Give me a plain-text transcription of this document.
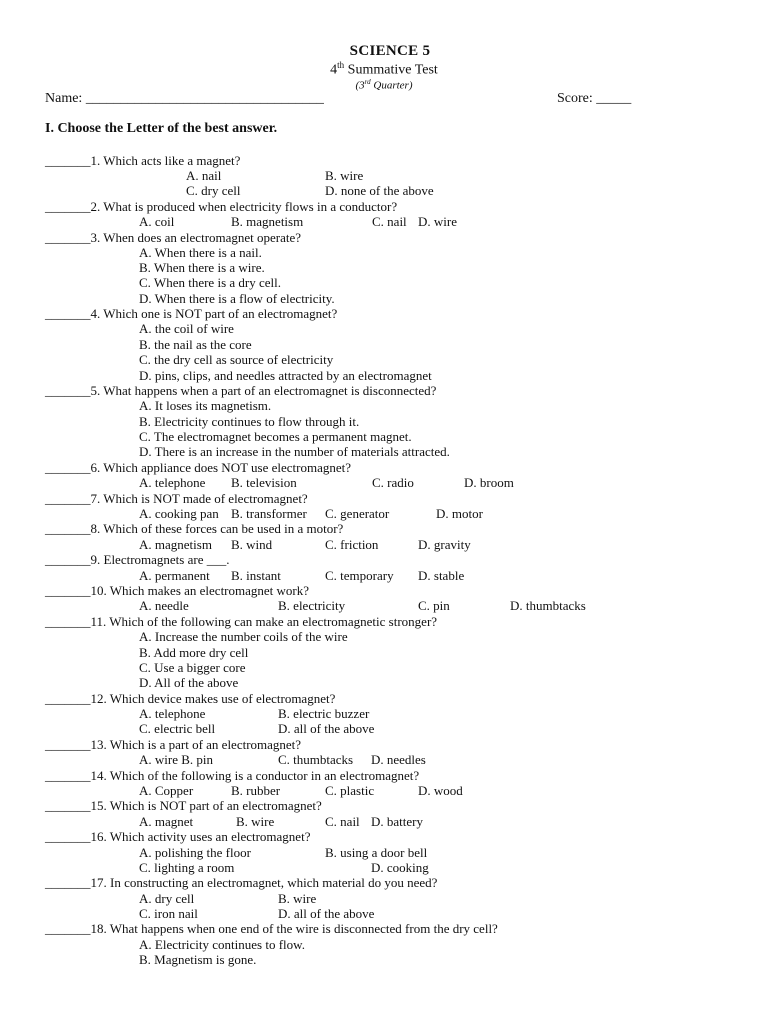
SCIENCE 5
4th Summative Test
(3rd Quarter)
Name: __________________________________	Score: _____
I. Choose the Letter of the best answer.
_______1. Which acts like a magnet?
A. nail	B. wire
C. dry cell	D. none of the above
_______2. What is produced when electricity flows in a conductor?
A. coil	B. magnetism	C. nail D. wire
_______3. When does an electromagnet operate?
A. When there is a nail.
B. When there is a wire.
C. When there is a dry cell.
D. When there is a flow of electricity.
_______4. Which one is NOT part of an electromagnet?
A. the coil of wire
B. the nail as the core
C. the dry cell as source of electricity
D. pins, clips, and needles attracted by an electromagnet
_______5. What happens when a part of an electromagnet is disconnected?
A. It loses its magnetism.
B. Electricity continues to flow through it.
C. The electromagnet becomes a permanent magnet.
D. There is an increase in the number of materials attracted.
_______6. Which appliance does NOT use electromagnet?
A. telephone B. television	C. radio	D. broom
_______7. Which is NOT made of electromagnet?
A. cooking pan B. transformer C. generator	D. motor
_______8. Which of these forces can be used in a motor?
A. magnetism B. wind	C. friction	D. gravity
_______9. Electromagnets are ___.
A. permanent B. instant	C. temporary D. stable
_______10. Which makes an electromagnet work?
A. needle	B. electricity	C. pin	D. thumbtacks
_______11. Which of the following can make an electromagnetic stronger?
A. Increase the number coils of the wire
B. Add more dry cell
C. Use a bigger core
D. All of the above
_______12. Which device makes use of electromagnet?
A. telephone	B. electric buzzer
C. electric bell	D. all of the above
_______13. Which is a part of an electromagnet?
A. wire B. pin	C. thumbtacks D. needles
_______14. Which of the following is a conductor in an electromagnet?
A. Copper	B. rubber	C. plastic	D. wood
_______15. Which is NOT part of an electromagnet?
A. magnet	B. wire	C. nail D. battery
_______16. Which activity uses an electromagnet?
A. polishing the floor	B. using a door bell
C. lighting a room	D. cooking
_______17. In constructing an electromagnet, which material do you need?
A. dry cell	B. wire
C. iron nail	D. all of the above
_______18. What happens when one end of the wire is disconnected from the dry cell?
A. Electricity continues to flow.
B. Magnetism is gone.
